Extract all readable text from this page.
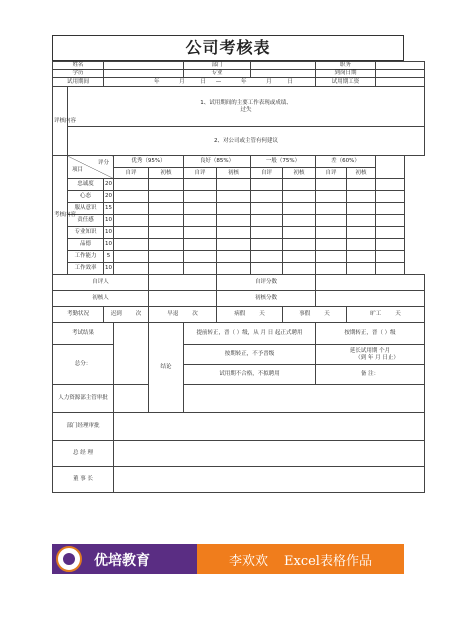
公司考核表
姓名					部门				职务		
学历					专业				到岗日期		
试用期间		年 月 日 — 年 月 日							试用期工资		
评核内容	1、试用期间的主要工作表现或成绩、过失										
	2、对公司或主管有何建议										
考核内容	评分
项目		优秀（95%）		良好（85%）		一般（75%）		差（60%）		
			自评	初核	自评	初核	自评	初核	自评	初核	
	忠诚度	20									
	心态	20									
	服从意识	15									
	责任感	10									
	专业知识	10									
	品德	10									
	工作能力	5									
	工作效率	10									
自评人						自评分数					
初核人						初核分数					
考勤状况		迟到 次		早退 次		病假 天		事假 天		旷工 天	
考试结果				结论	提前转正，晋（ ）级，从 月 日 起正式聘用				按期转正，晋（ ）级		
总分：					按期转正，不予晋级				延长试用期 个月
（到 年 月 日止）		

					试用期不合格，不拟聘用				备 注：		
人力资源部主管审批											
部门经理审批											
总 经 理											
董 事 长											
优培教育	李欢欢 Excel表格作品
